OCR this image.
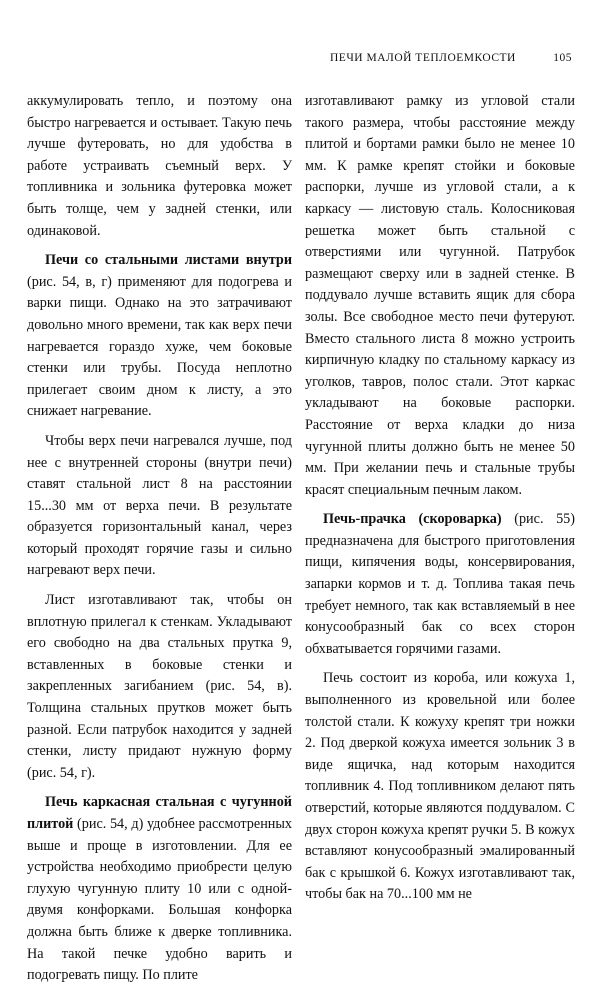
ПЕЧИ МАЛОЙ ТЕПЛОЕМКОСТИ	105

аккумулировать тепло, и поэтому она быстро нагревается и остывает. Такую печь лучше футеровать, но для удобства в работе устраивать съемный верх. У топливника и зольника футеровка может быть толще, чем у задней стенки, или одинаковой.

Печи со стальными листами внутри (рис. 54, в, г) применяют для подогрева и варки пищи. Однако на это затрачивают довольно много времени, так как верх печи нагревается гораздо хуже, чем боковые стенки или трубы. Посуда неплотно прилегает своим дном к листу, а это снижает нагревание.

Чтобы верх печи нагревался лучше, под нее с внутренней стороны (внутри печи) ставят стальной лист 8 на расстоянии 15...30 мм от верха печи. В результате образуется горизонтальный канал, через который проходят горячие газы и сильно нагревают верх печи.

Лист изготавливают так, чтобы он вплотную прилегал к стенкам. Укладывают его свободно на два стальных прутка 9, вставленных в боковые стенки и закрепленных загибанием (рис. 54, в). Толщина стальных прутков может быть разной. Если патрубок находится у задней стенки, листу придают нужную форму (рис. 54, г).

Печь каркасная стальная с чугунной плитой (рис. 54, д) удобнее рассмотренных выше и проще в изготовлении. Для ее устройства необходимо приобрести целую глухую чугунную плиту 10 или с одной-двумя конфорками. Большая конфорка должна быть ближе к дверке топливника. На такой печке удобно варить и подогревать пищу. По плите

изготавливают рамку из угловой стали такого размера, чтобы расстояние между плитой и бортами рамки было не менее 10 мм. К рамке крепят стойки и боковые распорки, лучше из угловой стали, а к каркасу — листовую сталь. Колосниковая решетка может быть стальной с отверстиями или чугунной. Патрубок размещают сверху или в задней стенке. В поддувало лучше вставить ящик для сбора золы. Все свободное место печи футеруют. Вместо стального листа 8 можно устроить кирпичную кладку по стальному каркасу из уголков, тавров, полос стали. Этот каркас укладывают на боковые распорки. Расстояние от верха кладки до низа чугунной плиты должно быть не менее 50 мм. При желании печь и стальные трубы красят специальным печным лаком.

Печь-прачка (скороварка) (рис. 55) предназначена для быстрого приготовления пищи, кипячения воды, консервирования, запарки кормов и т. д. Топлива такая печь требует немного, так как вставляемый в нее конусообразный бак со всех сторон обхватывается горячими газами.

Печь состоит из короба, или кожуха 1, выполненного из кровельной или более толстой стали. К кожуху крепят три ножки 2. Под дверкой кожуха имеется зольник 3 в виде ящичка, над которым находится топливник 4. Под топливником делают пять отверстий, которые являются поддувалом. С двух сторон кожуха крепят ручки 5. В кожух вставляют конусообразный эмалированный бак с крышкой 6. Кожух изготавливают так, чтобы бак на 70...100 мм не
